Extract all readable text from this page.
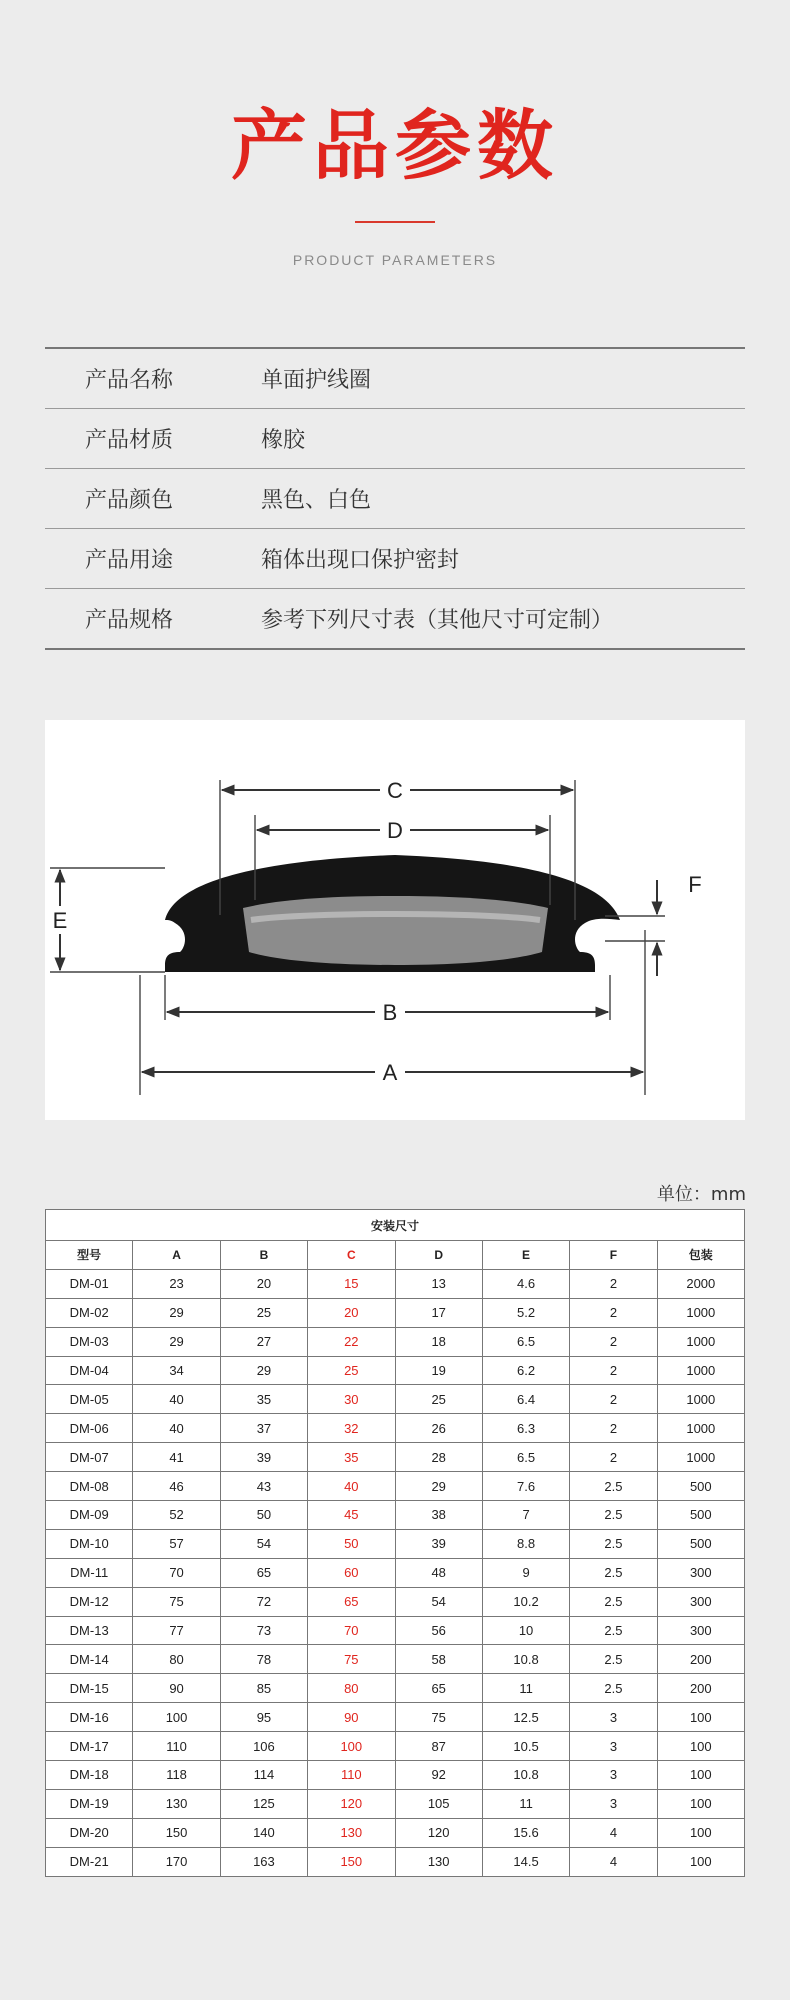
产品参数
PRODUCT PARAMETERS
产品名称	单面护线圈
产品材质	橡胶
产品颜色	黑色、白色
产品用途	箱体出现口保护密封
产品规格	参考下列尺寸表（其他尺寸可定制）
C
D
B
A
E
F
单位：mm
安装尺寸							
型号	A	B	C	D	E	F	包装
DM-01	23	20	15	13	4.6	2	2000
DM-02	29	25	20	17	5.2	2	1000
DM-03	29	27	22	18	6.5	2	1000
DM-04	34	29	25	19	6.2	2	1000
DM-05	40	35	30	25	6.4	2	1000
DM-06	40	37	32	26	6.3	2	1000
DM-07	41	39	35	28	6.5	2	1000
DM-08	46	43	40	29	7.6	2.5	500
DM-09	52	50	45	38	7	2.5	500
DM-10	57	54	50	39	8.8	2.5	500
DM-11	70	65	60	48	9	2.5	300
DM-12	75	72	65	54	10.2	2.5	300
DM-13	77	73	70	56	10	2.5	300
DM-14	80	78	75	58	10.8	2.5	200
DM-15	90	85	80	65	11	2.5	200
DM-16	100	95	90	75	12.5	3	100
DM-17	110	106	100	87	10.5	3	100
DM-18	118	114	110	92	10.8	3	100
DM-19	130	125	120	105	11	3	100
DM-20	150	140	130	120	15.6	4	100
DM-21	170	163	150	130	14.5	4	100
